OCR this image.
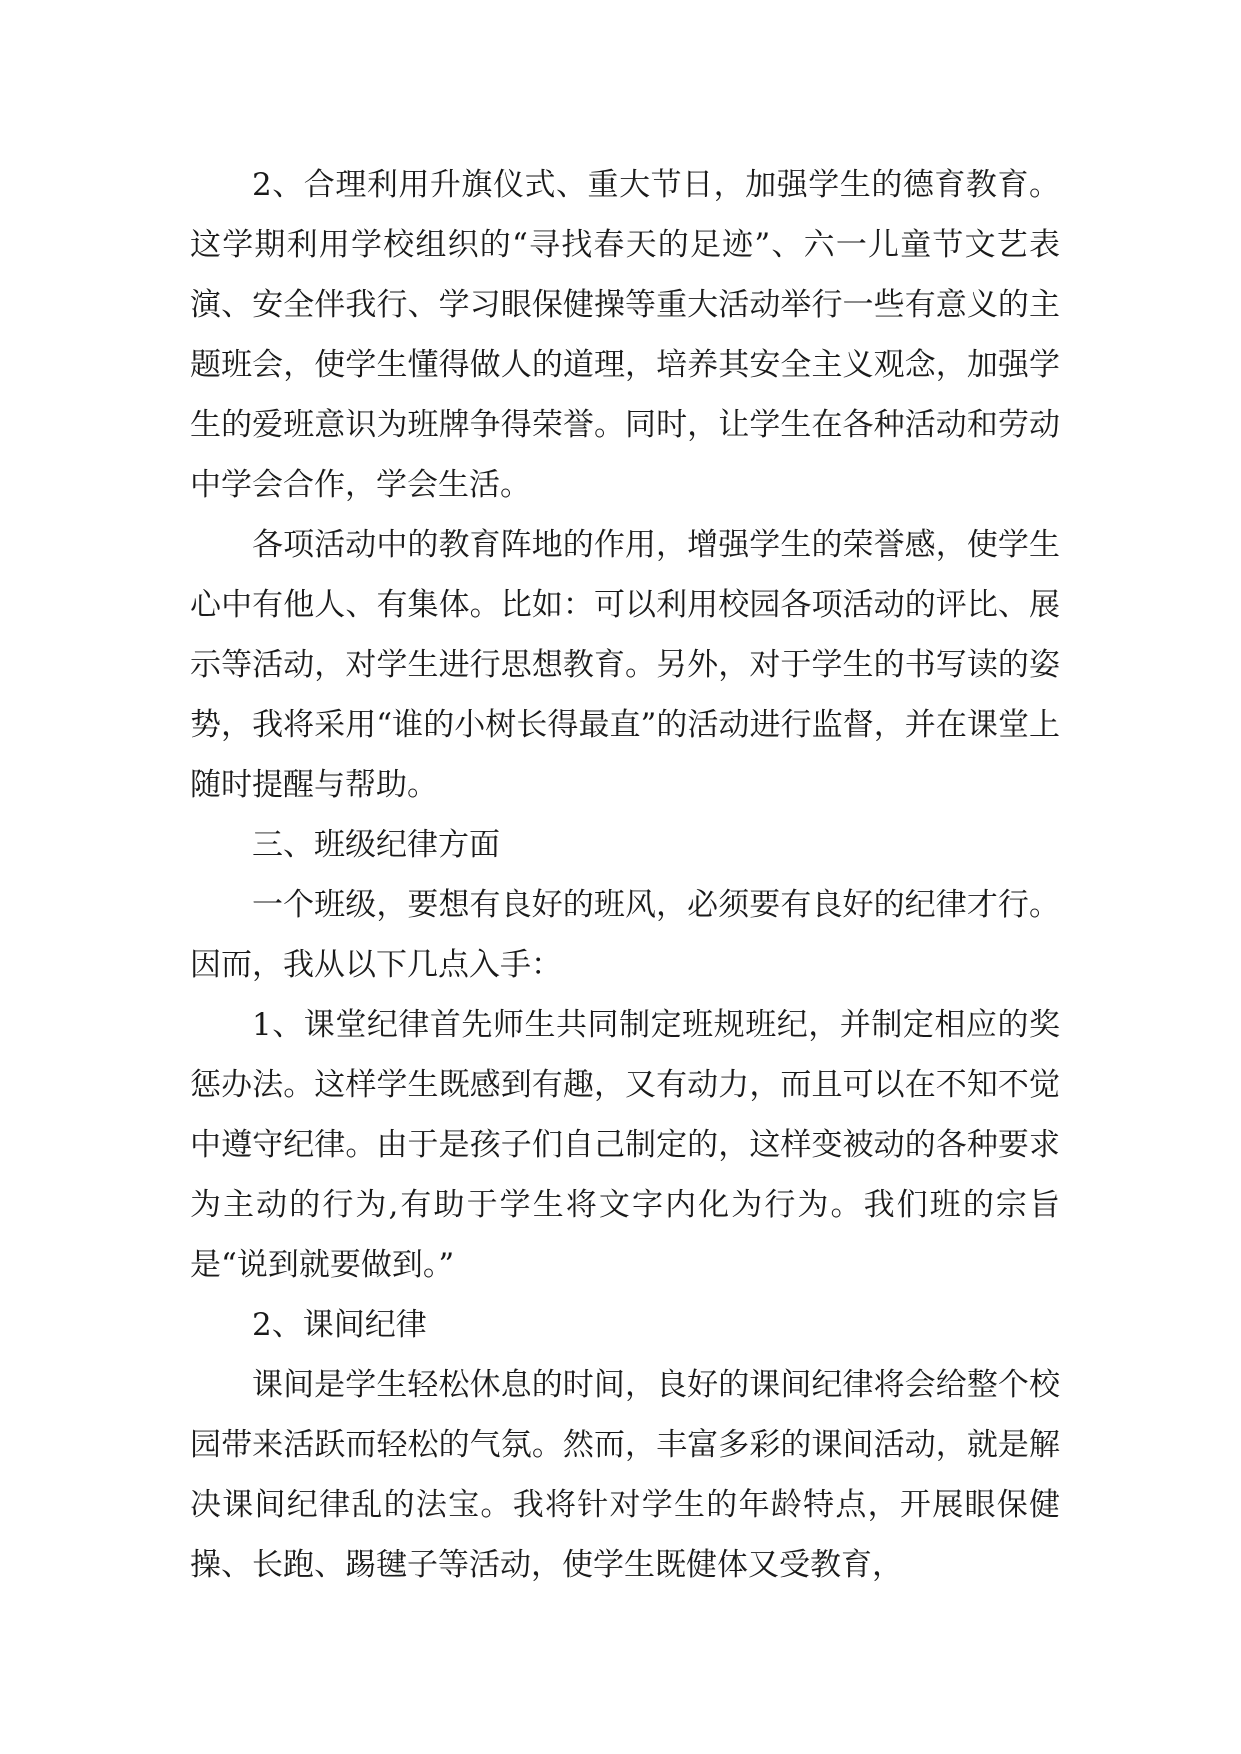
2、合理利用升旗仪式、重大节日，加强学生的德育教育。这学期利用学校组织的“寻找春天的足迹”、六一儿童节文艺表演、安全伴我行、学习眼保健操等重大活动举行一些有意义的主题班会，使学生懂得做人的道理，培养其安全主义观念，加强学生的爱班意识为班牌争得荣誉。同时，让学生在各种活动和劳动中学会合作，学会生活。

各项活动中的教育阵地的作用，增强学生的荣誉感，使学生心中有他人、有集体。比如：可以利用校园各项活动的评比、展示等活动，对学生进行思想教育。另外，对于学生的书写读的姿势，我将采用“谁的小树长得最直”的活动进行监督，并在课堂上随时提醒与帮助。

三、班级纪律方面

一个班级，要想有良好的班风，必须要有良好的纪律才行。因而，我从以下几点入手：

1、课堂纪律首先师生共同制定班规班纪，并制定相应的奖惩办法。这样学生既感到有趣，又有动力，而且可以在不知不觉中遵守纪律。由于是孩子们自己制定的，这样变被动的各种要求为主动的行为,有助于学生将文字内化为行为。我们班的宗旨是“说到就要做到。”

2、课间纪律

课间是学生轻松休息的时间，良好的课间纪律将会给整个校园带来活跃而轻松的气氛。然而，丰富多彩的课间活动，就是解决课间纪律乱的法宝。我将针对学生的年龄特点，开展眼保健操、长跑、踢毽子等活动，使学生既健体又受教育，
